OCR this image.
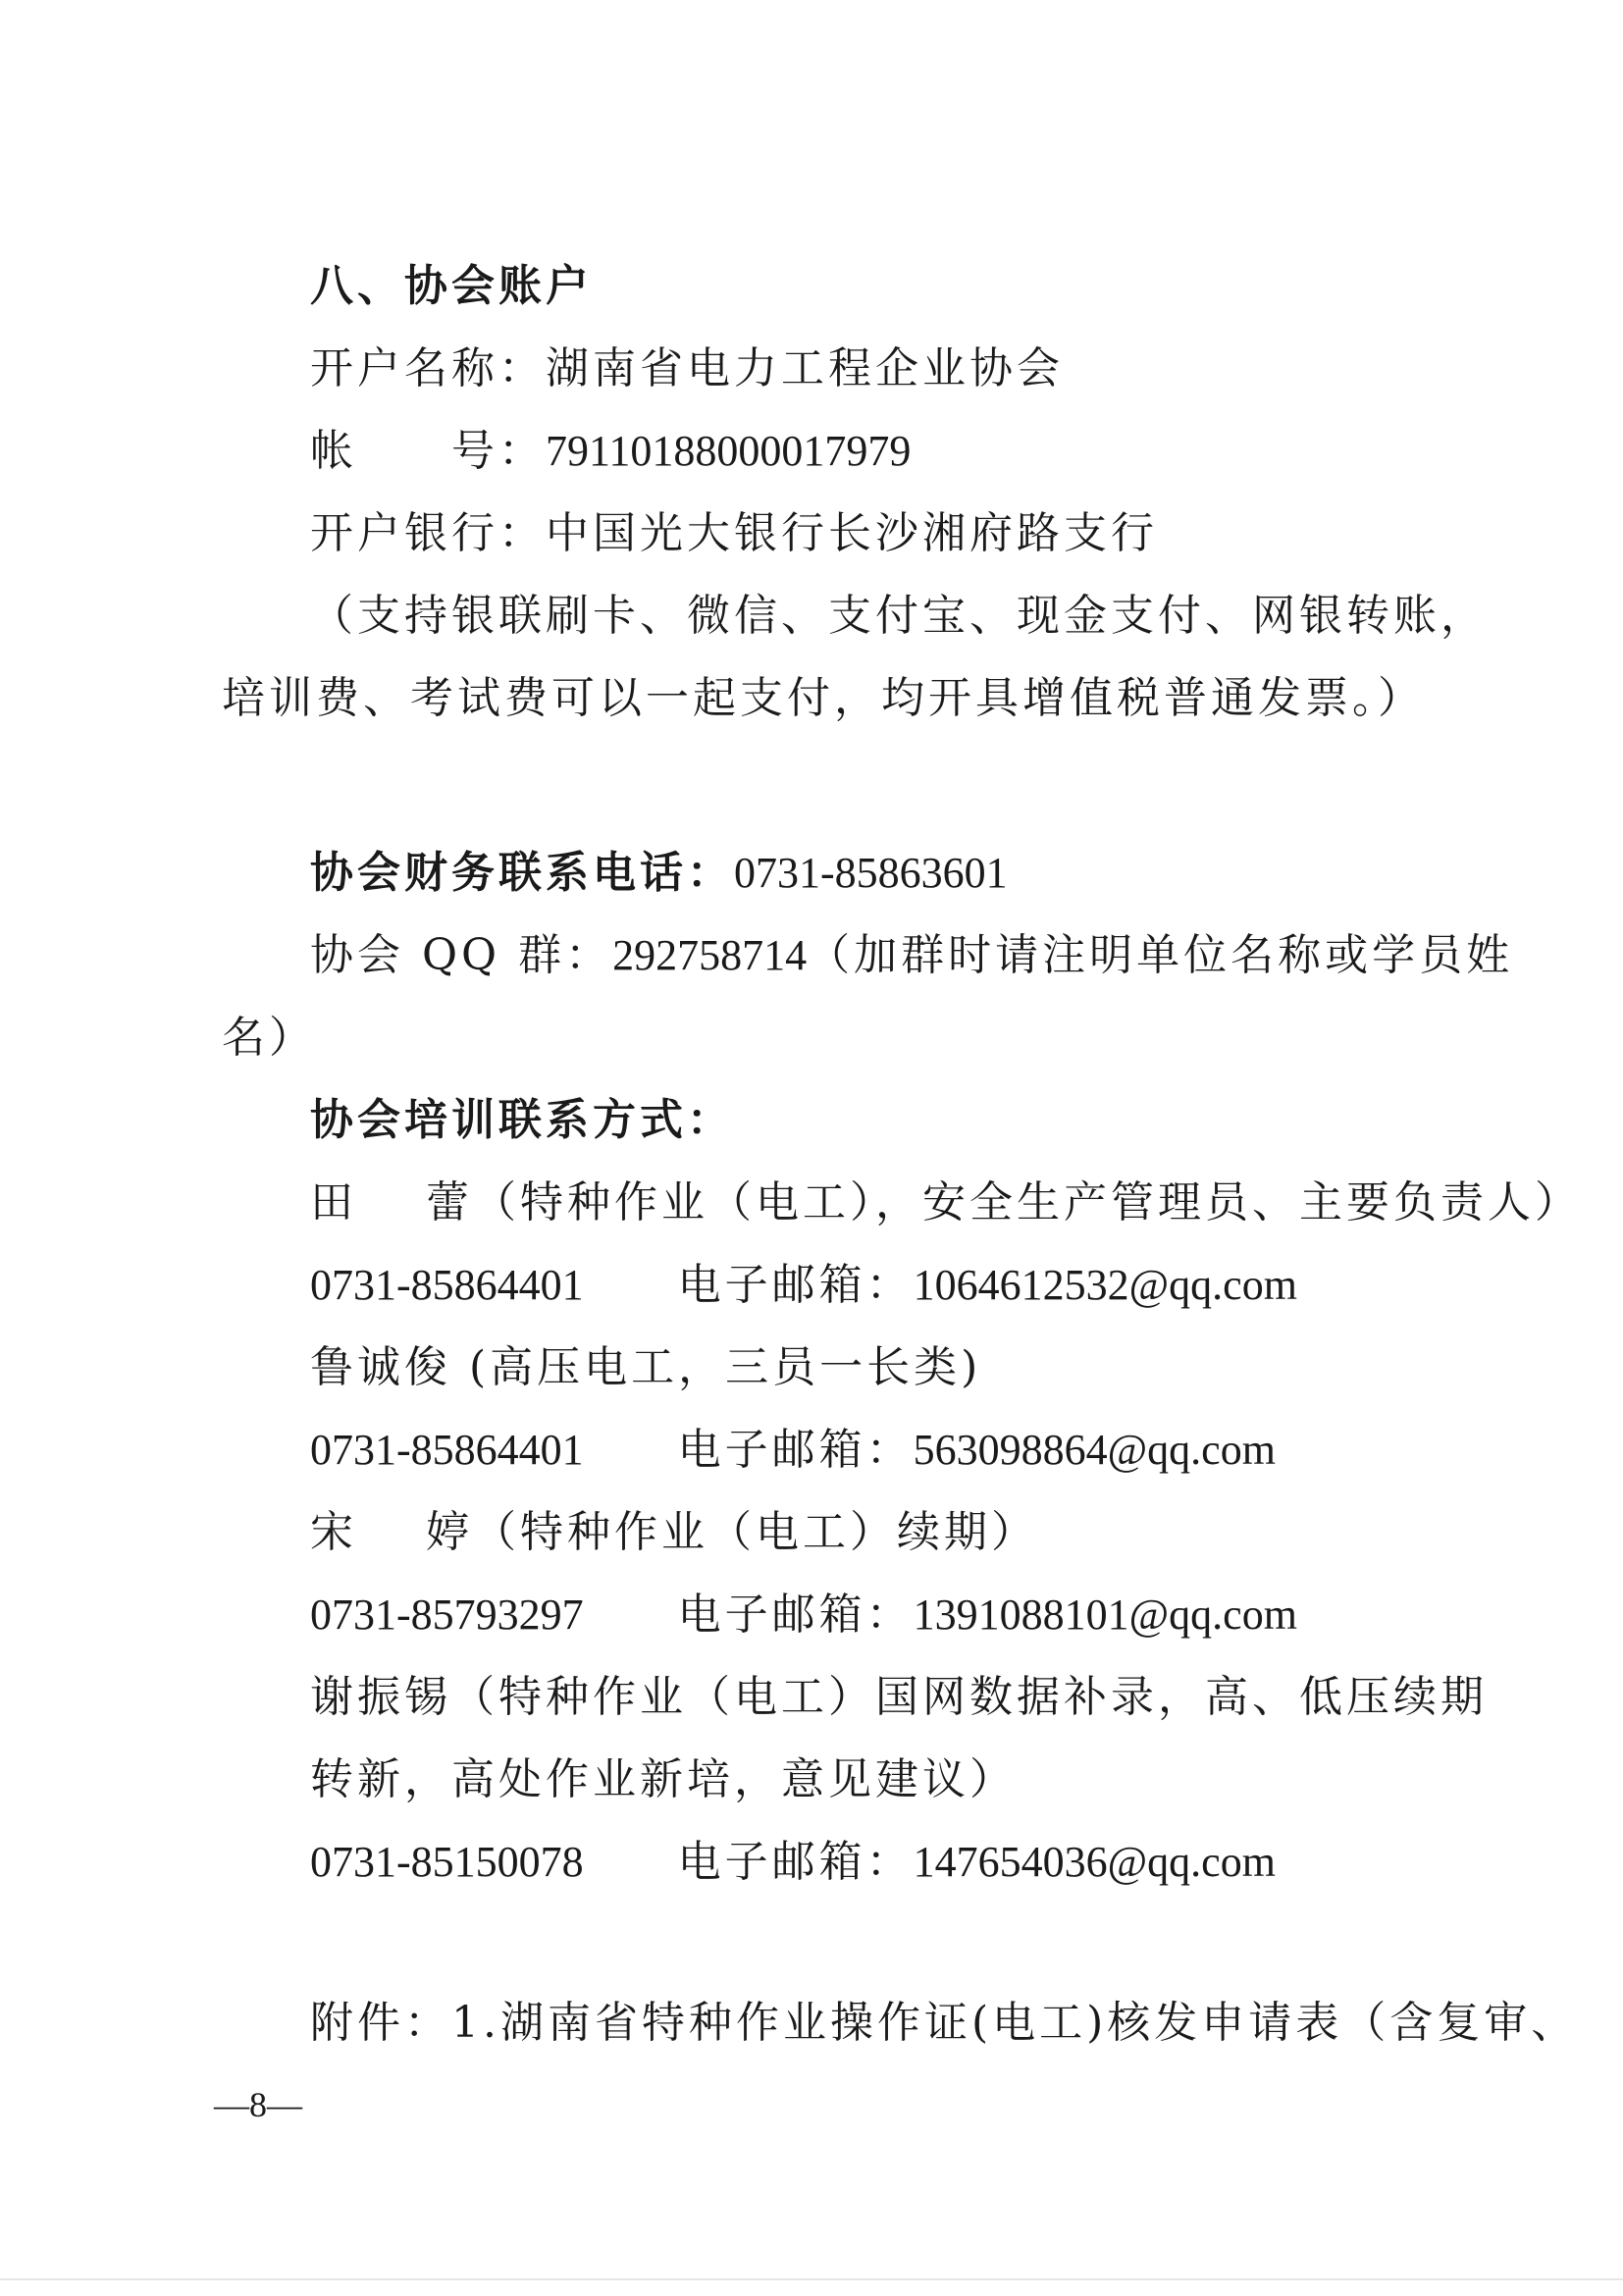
八、协会账户
开户名称：湖南省电力工程企业协会
帐 号：79110188000017979
开户银行：中国光大银行长沙湘府路支行
（支持银联刷卡、微信、支付宝、现金支付、网银转账，
培训费、考试费可以一起支付，均开具增值税普通发票。）
协会财务联系电话：0731-85863601
协会 QQ 群：292758714（加群时请注明单位名称或学员姓
名）
协会培训联系方式：
田 蕾（特种作业（电工），安全生产管理员、主要负责人）
0731-85864401 电子邮箱：1064612532@qq.com
鲁诚俊 (高压电工，三员一长类)
0731-85864401 电子邮箱：563098864@qq.com
宋 婷（特种作业（电工）续期）
0731-85793297 电子邮箱：1391088101@qq.com
谢振锡（特种作业（电工）国网数据补录，高、低压续期
转新，高处作业新培，意见建议）
0731-85150078 电子邮箱：147654036@qq.com
附件：1.湖南省特种作业操作证(电工)核发申请表（含复审、
—8—
